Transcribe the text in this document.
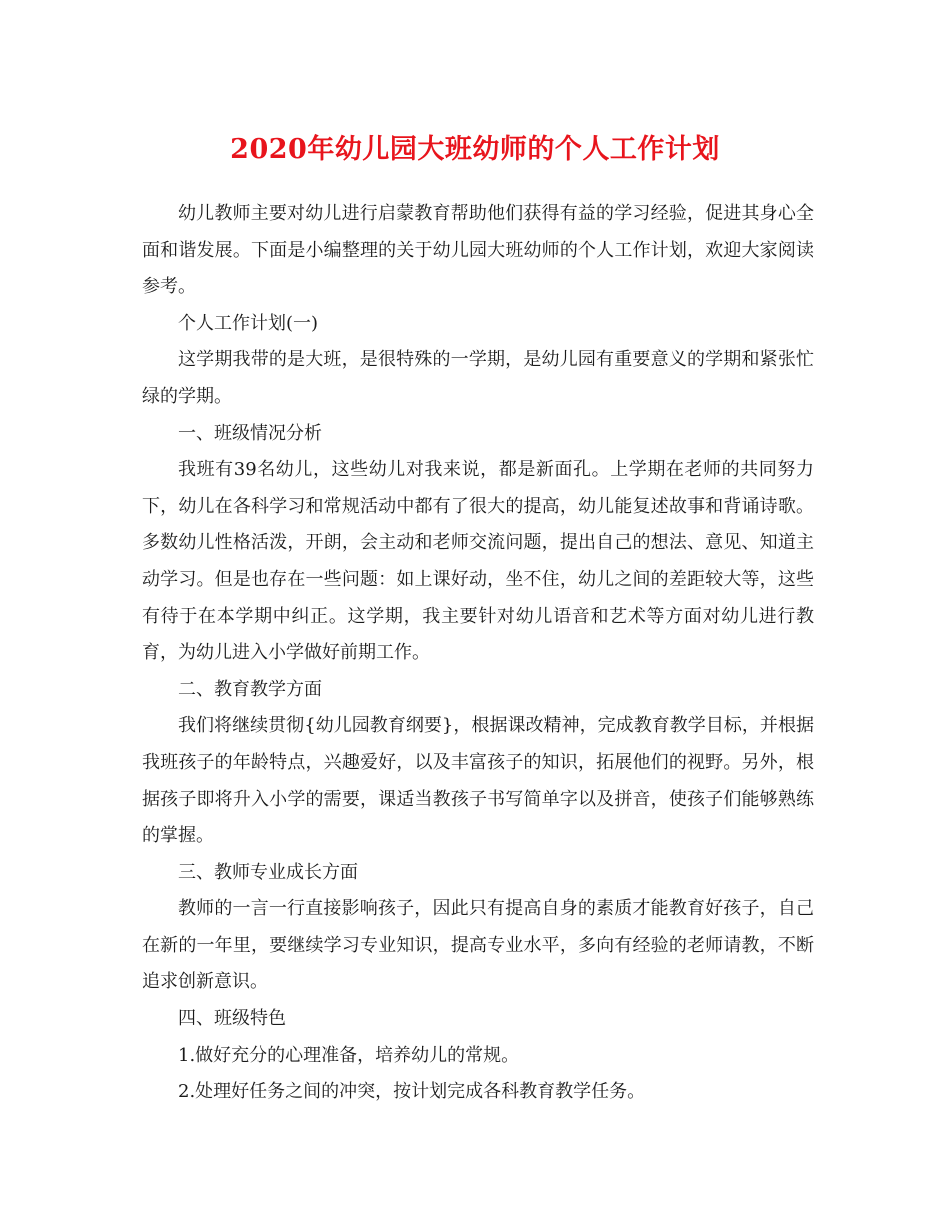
2020年幼儿园大班幼师的个人工作计划

幼儿教师主要对幼儿进行启蒙教育帮助他们获得有益的学习经验，促进其身心全面和谐发展。下面是小编整理的关于幼儿园大班幼师的个人工作计划，欢迎大家阅读参考。

个人工作计划(一)

这学期我带的是大班，是很特殊的一学期，是幼儿园有重要意义的学期和紧张忙绿的学期。

一、班级情况分析

我班有39名幼儿，这些幼儿对我来说，都是新面孔。上学期在老师的共同努力下，幼儿在各科学习和常规活动中都有了很大的提高，幼儿能复述故事和背诵诗歌。多数幼儿性格活泼，开朗，会主动和老师交流问题，提出自己的想法、意见、知道主动学习。但是也存在一些问题：如上课好动，坐不住，幼儿之间的差距较大等，这些有待于在本学期中纠正。这学期，我主要针对幼儿语音和艺术等方面对幼儿进行教育，为幼儿进入小学做好前期工作。

二、教育教学方面

我们将继续贯彻{幼儿园教育纲要}，根据课改精神，完成教育教学目标，并根据我班孩子的年龄特点，兴趣爱好，以及丰富孩子的知识，拓展他们的视野。另外，根据孩子即将升入小学的需要，课适当教孩子书写简单字以及拼音，使孩子们能够熟练的掌握。

三、教师专业成长方面

教师的一言一行直接影响孩子，因此只有提高自身的素质才能教育好孩子，自己在新的一年里，要继续学习专业知识，提高专业水平，多向有经验的老师请教，不断追求创新意识。

四、班级特色

1.做好充分的心理准备，培养幼儿的常规。

2.处理好任务之间的冲突，按计划完成各科教育教学任务。
